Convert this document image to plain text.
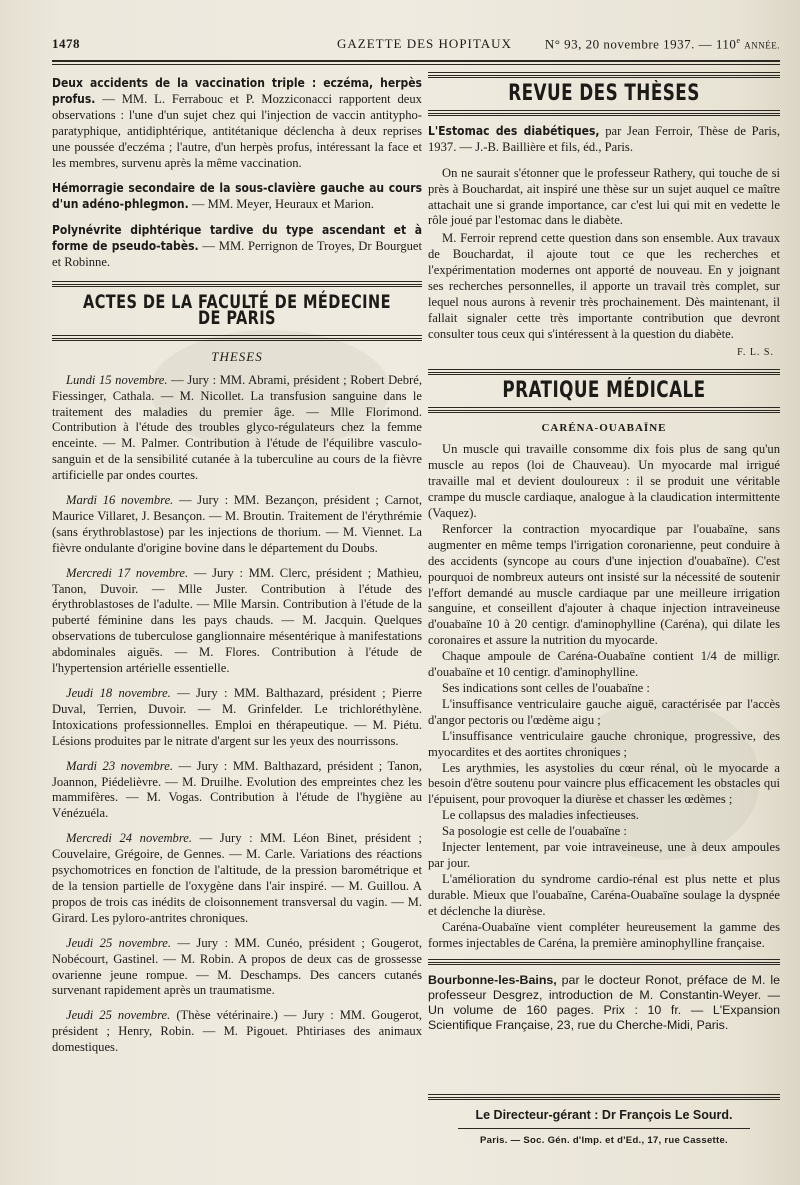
1478	GAZETTE DES HOPITAUX	N° 93, 20 novembre 1937. — 110e ANNÉE.

Deux accidents de la vaccination triple : eczéma, herpès profus. — MM. L. Ferrabouc et P. Mozziconacci rapportent deux observations : l'une d'un sujet chez qui l'injection de vaccin antitypho-paratyphique, antidiphtérique, antitétanique déclencha à deux reprises une poussée d'eczéma ; l'autre, d'un herpès profus, intéressant la face et les membres, survenu après la même vaccination.

Hémorragie secondaire de la sous-clavière gauche au cours d'un adéno-phlegmon. — MM. Meyer, Heuraux et Marion.

Polynévrite diphtérique tardive du type ascendant et à forme de pseudo-tabès. — MM. Perrignon de Troyes, Dr Bourguet et Robinne.

ACTES DE LA FACULTÉ DE MÉDECINE DE PARIS
THESES

Lundi 15 novembre. — Jury : MM. Abrami, président ; Robert Debré, Fiessinger, Cathala. — M. Nicollet. La transfusion sanguine dans le traitement des maladies du premier âge. — Mlle Florimond. Contribution à l'étude des troubles glyco-régulateurs chez la femme enceinte. — M. Palmer. Contribution à l'étude de l'équilibre vasculo-sanguin et de la sensibilité cutanée à la tuberculine au cours de la fièvre artificielle par ondes courtes.

Mardi 16 novembre. — Jury : MM. Bezançon, président ; Carnot, Maurice Villaret, J. Besançon. — M. Broutin. Traitement de l'érythrémie (sans érythroblastose) par les injections de thorium. — M. Viennet. La fièvre ondulante d'origine bovine dans le département du Doubs.

Mercredi 17 novembre. — Jury : MM. Clerc, président ; Mathieu, Tanon, Duvoir. — Mlle Juster. Contribution à l'étude des érythroblastoses de l'adulte. — Mlle Marsin. Contribution à l'étude de la puberté féminine dans les pays chauds. — M. Jacquin. Quelques observations de tuberculose ganglionnaire mésentérique à manifestations abdominales aiguës. — M. Flores. Contribution à l'étude de l'hypertension artérielle essentielle.

Jeudi 18 novembre. — Jury : MM. Balthazard, président ; Pierre Duval, Terrien, Duvoir. — M. Grinfelder. Le trichloréthylène. Intoxications professionnelles. Emploi en thérapeutique. — M. Piétu. Lésions produites par le nitrate d'argent sur les yeux des nourrissons.

Mardi 23 novembre. — Jury : MM. Balthazard, président ; Tanon, Joannon, Piédelièvre. — M. Druilhe. Evolution des empreintes chez les mammifères. — M. Vogas. Contribution à l'étude de l'hygiène au Vénézuéla.

Mercredi 24 novembre. — Jury : MM. Léon Binet, président ; Couvelaire, Grégoire, de Gennes. — M. Carle. Variations des réactions psychomotrices en fonction de l'altitude, de la pression barométrique et de la tension partielle de l'oxygène dans l'air inspiré. — M. Guillou. A propos de trois cas inédits de cloisonnement transversal du vagin. — M. Girard. Les pyloro-antrites chroniques.

Jeudi 25 novembre. — Jury : MM. Cunéo, président ; Gougerot, Nobécourt, Gastinel. — M. Robin. A propos de deux cas de grossesse ovarienne jeune rompue. — M. Deschamps. Des cancers cutanés survenant rapidement après un traumatisme.

Jeudi 25 novembre. (Thèse vétérinaire.) — Jury : MM. Gougerot, président ; Henry, Robin. — M. Pigouet. Phtiriases des animaux domestiques.

REVUE DES THÈSES

L'Estomac des diabétiques, par Jean Ferroir, Thèse de Paris, 1937. — J.-B. Baillière et fils, éd., Paris.

On ne saurait s'étonner que le professeur Rathery, qui touche de si près à Bouchardat, ait inspiré une thèse sur un sujet auquel ce maître attachait une si grande importance, car c'est lui qui mit en vedette le rôle joué par l'estomac dans le diabète.

M. Ferroir reprend cette question dans son ensemble. Aux travaux de Bouchardat, il ajoute tout ce que les recherches et l'expérimentation modernes ont apporté de nouveau. En y joignant ses recherches personnelles, il apporte un travail très complet, sur lequel nous aurons à revenir très prochainement. Dès maintenant, il fallait signaler cette très importante contribution que devront consulter tous ceux qui s'intéressent à la question du diabète.

F. L. S.
PRATIQUE MÉDICALE
CARÉNA-OUABAÏNE

Un muscle qui travaille consomme dix fois plus de sang qu'un muscle au repos (loi de Chauveau). Un myocarde mal irrigué travaille mal et devient douloureux : il se produit une véritable crampe du muscle cardiaque, analogue à la claudication intermittente (Vaquez).

Renforcer la contraction myocardique par l'ouabaïne, sans augmenter en même temps l'irrigation coronarienne, peut conduire à des accidents (syncope au cours d'une injection d'ouabaïne). C'est pourquoi de nombreux auteurs ont insisté sur la nécessité de soutenir l'effort demandé au muscle cardiaque par une meilleure irrigation sanguine, et conseillent d'ajouter à chaque injection intraveineuse d'ouabaïne 10 à 20 centigr. d'aminophylline (Caréna), qui dilate les coronaires et assure la nutrition du myocarde.

Chaque ampoule de Caréna-Ouabaïne contient 1/4 de milligr. d'ouabaïne et 10 centigr. d'aminophylline.

Ses indications sont celles de l'ouabaïne :

L'insuffisance ventriculaire gauche aiguë, caractérisée par l'accès d'angor pectoris ou l'œdème aigu ;

L'insuffisance ventriculaire gauche chronique, progressive, des myocardites et des aortites chroniques ;

Les arythmies, les asystolies du cœur rénal, où le myocarde a besoin d'être soutenu pour vaincre plus efficacement les obstacles qui l'épuisent, pour provoquer la diurèse et chasser les œdèmes ;

Le collapsus des maladies infectieuses.

Sa posologie est celle de l'ouabaïne :

Injecter lentement, par voie intraveineuse, une à deux ampoules par jour.

L'amélioration du syndrome cardio-rénal est plus nette et plus durable. Mieux que l'ouabaïne, Caréna-Ouabaïne soulage la dyspnée et déclenche la diurèse.

Caréna-Ouabaïne vient compléter heureusement la gamme des formes injectables de Caréna, la première aminophylline française.

Bourbonne-les-Bains, par le docteur Ronot, préface de M. le professeur Desgrez, introduction de M. Constantin-Weyer. — Un volume de 160 pages. Prix : 10 fr. — L'Expansion Scientifique Française, 23, rue du Cherche-Midi, Paris.
Le Directeur-gérant : Dr François Le Sourd.
Paris. — Soc. Gén. d'Imp. et d'Ed., 17, rue Cassette.
